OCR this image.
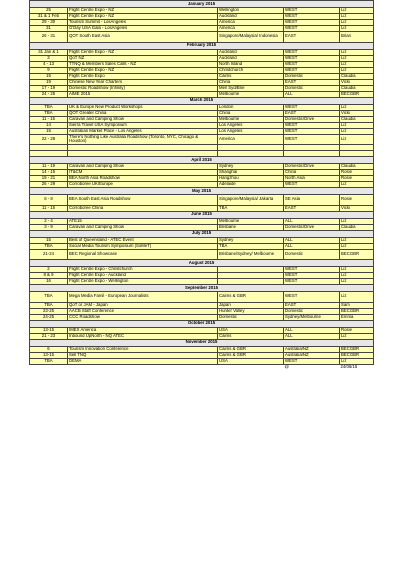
January 2015				
25	Flight Centre Expo - NZ	Wellington	WEST	Liz
31 & 1 Feb	Flight Centre Expo - NZ	Auckland	WEST	Liz
29 - 30	Tourism Summit - LosAngeles	America	WEST	Liz
31	G'Day USA Gala - LosAngeles	America	WEST	Liz
26 - 31	QOT South East Asia	Singapore/Malaysia/ Indonesia	EAST	Brian
February 2015				
31 Jan & 1	Flight Centre Expo - NZ	Auckland	WEST	Liz
3	QoT NZ	Auckland	WEST	Liz
4 - 13	TTNQ & Members Sales Calls - NZ	North Island	WEST	Liz
9	Flight Centre Expo - NZ	Christchurch	WEST	Liz
15	Flight Centre Expo	Cairns	Domestic	Claudia
19	Chinese New Year Charters	China	EAST	Vicki
17 - 19	Domestic Roadshow (Infinity)	Mel/ Syd/Bne	Domestic	Claudia
24 - 25	AIME 2015	Melbourne	ALL	BECGBR
March 2015				
TBA	UK & Europe New Product Workshops	London	WEST	Liz
TBA	QOT Greater China	China	EAST	Vicki
11 - 16	Caravan and Camping Show	Melbourne	Domestic/Drive	Claudia
14	Sierra Travel USA Symposium	Los Angeles	WEST	Liz
15	Australian Market Place - Los Angeles	Los Angeles	WEST	Liz
22 - 28	There's Nothing Like Australia Roadshow (Toronto, NYC, Chicago & Houston)	America	WEST	Liz

April 2015				
11 - 19	Caravan and Camping Show	Sydney	Domestic/Drive	Claudia
14 - 15	IT&CM	Shanghai	China	Rosie
19 - 21	BEA North Asia Roadshow	Hangzhou	North Asia	Rosie
26 - 29	Corroboree UK/Europe	Adelaide	WEST	Liz
May 2015				
6 - 8	BEA South East Asia Roadshow	Singapore/Malaysia/ Jakarta	SE Asia	Rosie
11 - 15	Corroboree China	TBA	EAST	Vicki
June 2015				
2 - 4	ATE15	Melbourne	ALL	Liz
3 - 9	Caravan and Camping Show	Brisbane	Domestic/Drive	Claudia
July 2015				
15	Best of Queensland - ATEC Event	Sydney	ALL	Liz
TBA	Social Media Tourism Symposium (SoMeT)	TBA	ALL	Liz
21-24	BEC Regional Showcase	Brisbane/Sydney/ Melbourne	Domestic	BECGBR
August 2015				
2	Flight Centre Expo - Christchurch		WEST	Liz
8 & 9	Flight Centre Expo - Auckland		WEST	Liz
16	Flight Centre Expo - Wellington		WEST	Liz
September 2015				
TBA	Mega Media Famil - European Journalists	Cairns & GBR	WEST	Liz
TBA	QoT or JAM - Japan	Japan	EAST	Sam
23-25	AACB Staff Conference	Hunter Valley	Domestic	BECGBR
24-25	CCC Roadshow	Domestic	Sydney/Melbourne	Emma
October 2015				
13-15	IMEX America	USA	ALL	Rosie
21 - 23	Inbound UpNorth - NQ ATEC	Cairns	ALL	Liz
November 2015				
6	Tourism Innovation Conference	Cairns & GBR	Australia/NZ	BECGBR
13-15	Sell TNQ	Cairns & GBR	Australia/NZ	BECGBR
TBA	DEMA	USA	WEST	Liz
			@	24/06/15
